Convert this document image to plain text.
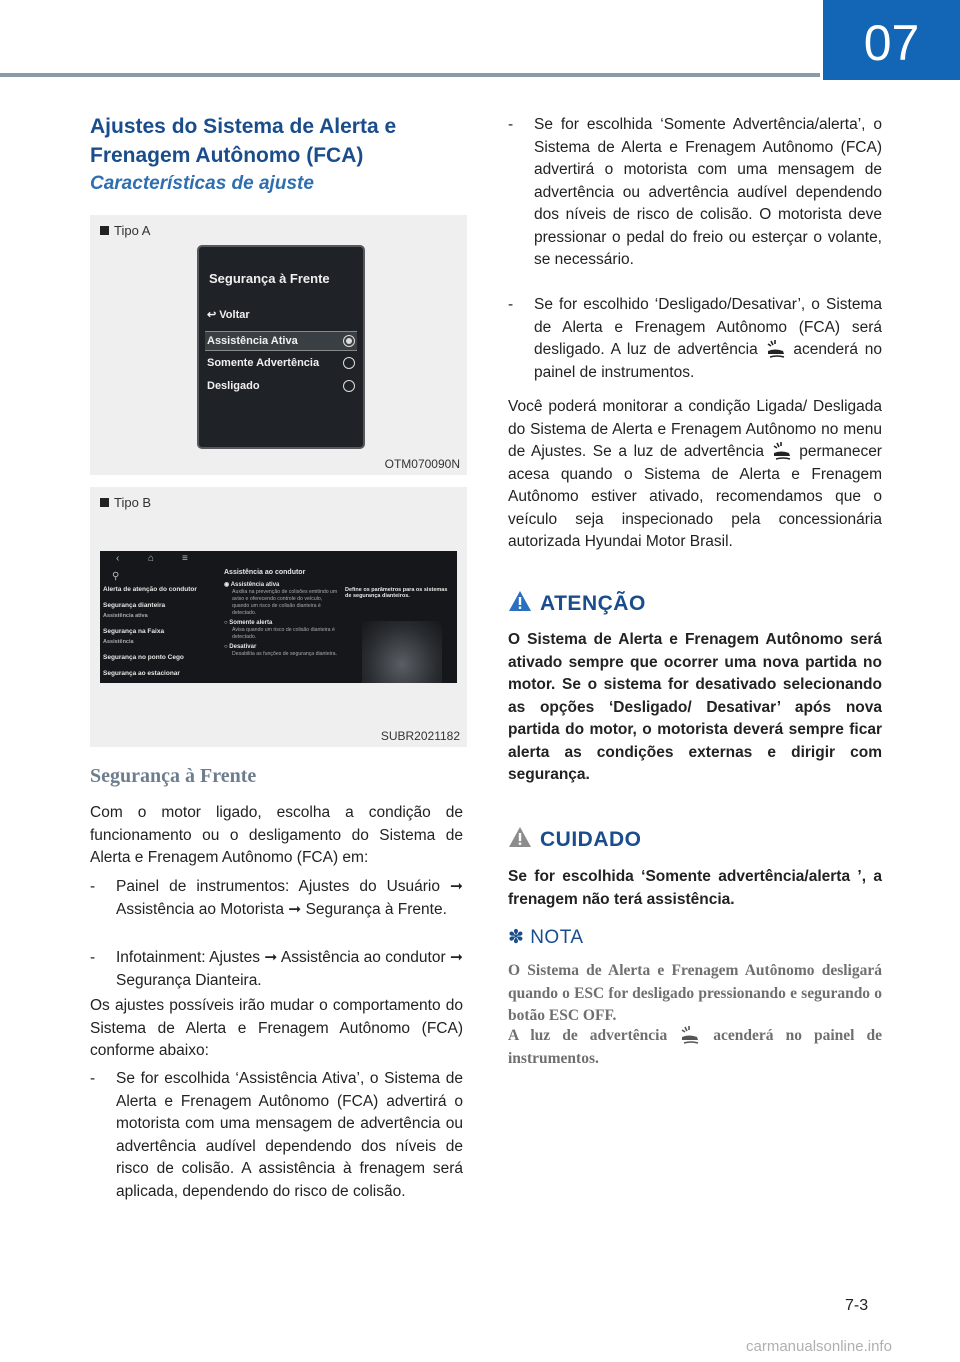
07
Ajustes do Sistema de Alerta e Frenagem Autônomo (FCA)
Características de ajuste
Tipo A
Segurança à Frente
↩ Voltar
Assistência Ativa
Somente Advertência
Desligado
OTM070090N
Tipo B
‹	⌂	≡
⚲
Alerta de atenção do condutor
Segurança dianteira
Assistência ativa
Segurança na Faixa
Assistência
Segurança no ponto Cego
Segurança ao estacionar
Assistência ao condutor
◉ Assistência ativa
Auxilia na prevenção de colisões emitindo um aviso e oferecendo controle do veículo, quando um risco de colisão dianteira é detectado.
○ Somente alerta
Avisa quando um risco de colisão dianteira é detectado.
○ Desativar
Desabilita as funções de segurança dianteira.
Define os parâmetros para os sistemas de segurança dianteiros.
SUBR2021182
Segurança à Frente

Com o motor ligado, escolha a condição de funcionamento ou o desligamento do Sistema de Alerta e Frenagem Autônomo (FCA) em:

- Painel de instrumentos: Ajustes do Usuário ➞ Assistência ao Motorista ➞ Segurança à Frente.
- Infotainment: Ajustes ➞ Assistência ao condutor ➞ Segurança Dianteira.

Os ajustes possíveis irão mudar o comportamento do Sistema de Alerta e Frenagem Autônomo (FCA) conforme abaixo:

- Se for escolhida ‘Assistência Ativa’, o Sistema de Alerta e Frenagem Autônomo (FCA) advertirá o motorista com uma mensagem de advertência ou advertência audível dependendo dos níveis de risco de colisão. A assistência à frenagem será aplicada, dependendo do risco de colisão.
- Se for escolhida ‘Somente Advertência/alerta’, o Sistema de Alerta e Frenagem Autônomo (FCA) advertirá o motorista com uma mensagem de advertência ou advertência audível dependendo dos níveis de risco de colisão. O motorista deve pressionar o pedal do freio ou esterçar o volante, se necessário.
- Se for escolhido ‘Desligado/Desativar’, o Sistema de Alerta e Frenagem Autônomo (FCA) será desligado. A luz de advertência acenderá no painel de instrumentos.

Você poderá monitorar a condição Ligada/ Desligada do Sistema de Alerta e Frenagem Autônomo no menu de Ajustes. Se a luz de advertência permanecer acesa quando o Sistema de Alerta e Frenagem Autônomo estiver ativado, recomendamos que o veículo seja inspecionado pela concessionária autorizada Hyundai Motor Brasil.

ATENÇÃO

O Sistema de Alerta e Frenagem Autônomo será ativado sempre que ocorrer uma nova partida no motor. Se o sistema for desativado selecionando as opções ‘Desligado/ Desativar’ após nova partida do motor, o motorista deverá sempre ficar alerta as condições externas e dirigir com segurança.

CUIDADO

Se for escolhida ‘Somente advertência/alerta ’, a frenagem não terá assistência.

✽ NOTA

O Sistema de Alerta e Frenagem Autônomo desligará quando o ESC for desligado pressionando e segurando o botão ESC OFF.

A luz de advertência	acenderá no painel de instrumentos.

7-3
carmanualsonline.info
